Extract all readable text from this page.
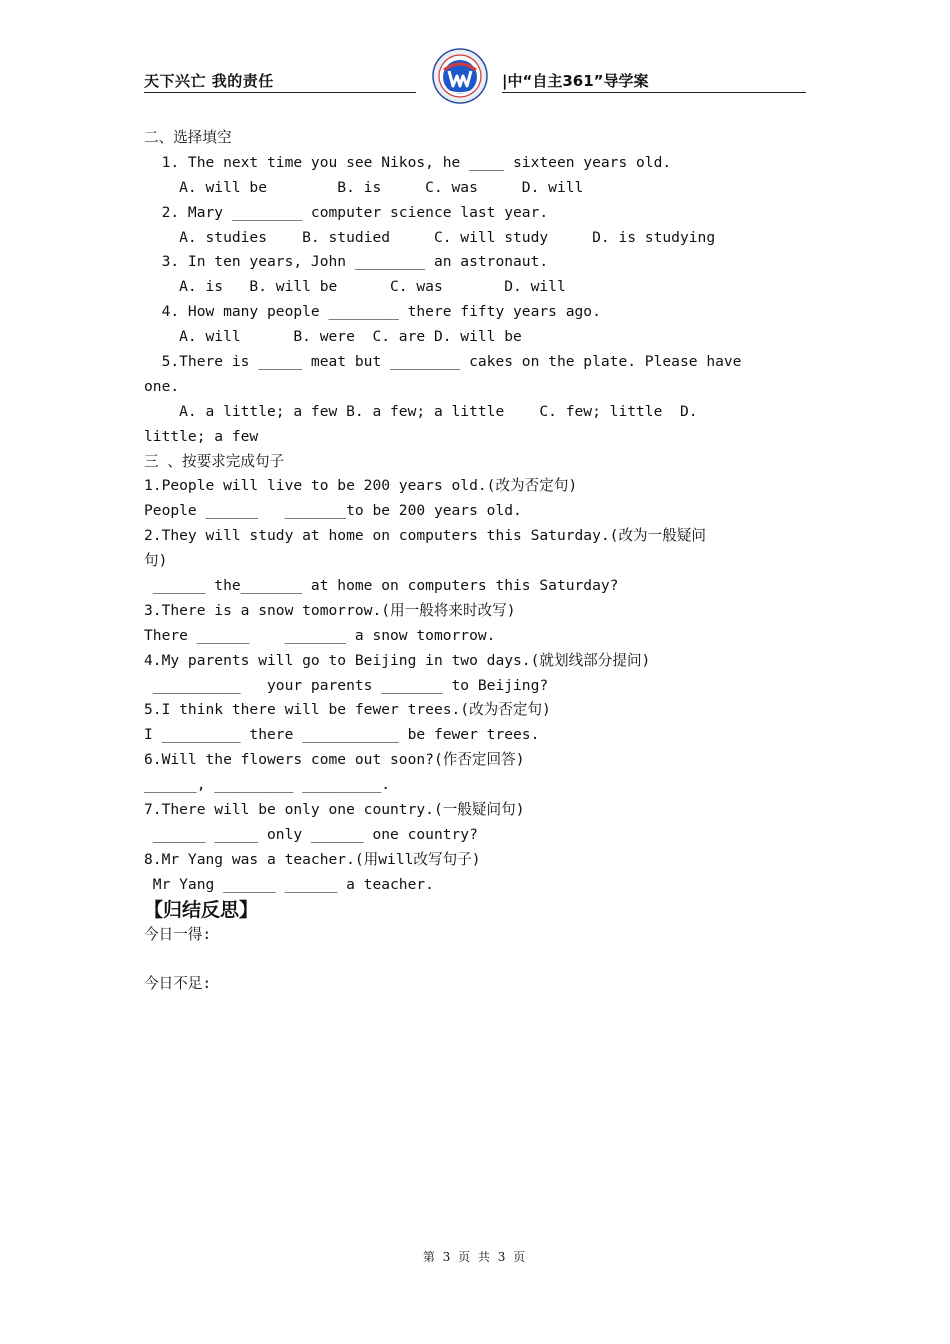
天下兴亡 我的责任	|中“自主361”导学案
二、选择填空
1. The next time you see Nikos, he ____ sixteen years old.
A. will be        B. is     C. was     D. will
2. Mary ________ computer science last year.
A. studies    B. studied     C. will study     D. is studying
3. In ten years, John ________ an astronaut.
A. is   B. will be      C. was       D. will
4. How many people ________ there fifty years ago.
A. will      B. were  C. are D. will be
5.There is _____ meat but ________ cakes on the plate. Please have
one.
A. a little; a few B. a few; a little    C. few; little  D.
little; a few
三 、按要求完成句子
1.People will live to be 200 years old.(改为否定句)
People ______   _______to be 200 years old.
2.They will study at home on computers this Saturday.(改为一般疑问
句)
______ the_______ at home on computers this Saturday?
3.There is a snow tomorrow.(用一般将来时改写)
There ______    _______ a snow tomorrow.
4.My parents will go to Beijing in two days.(就划线部分提问)
__________   your parents _______ to Beijing?
5.I think there will be fewer trees.(改为否定句)
I _________ there ___________ be fewer trees.
6.Will the flowers come out soon?(作否定回答)
______, _________ _________.
7.There will be only one country.(一般疑问句)
______ _____ only ______ one country?
8.Mr Yang was a teacher.(用will改写句子)
Mr Yang ______ ______ a teacher.
【归结反思】
今日一得:
今日不足:
第 3 页 共 3 页
